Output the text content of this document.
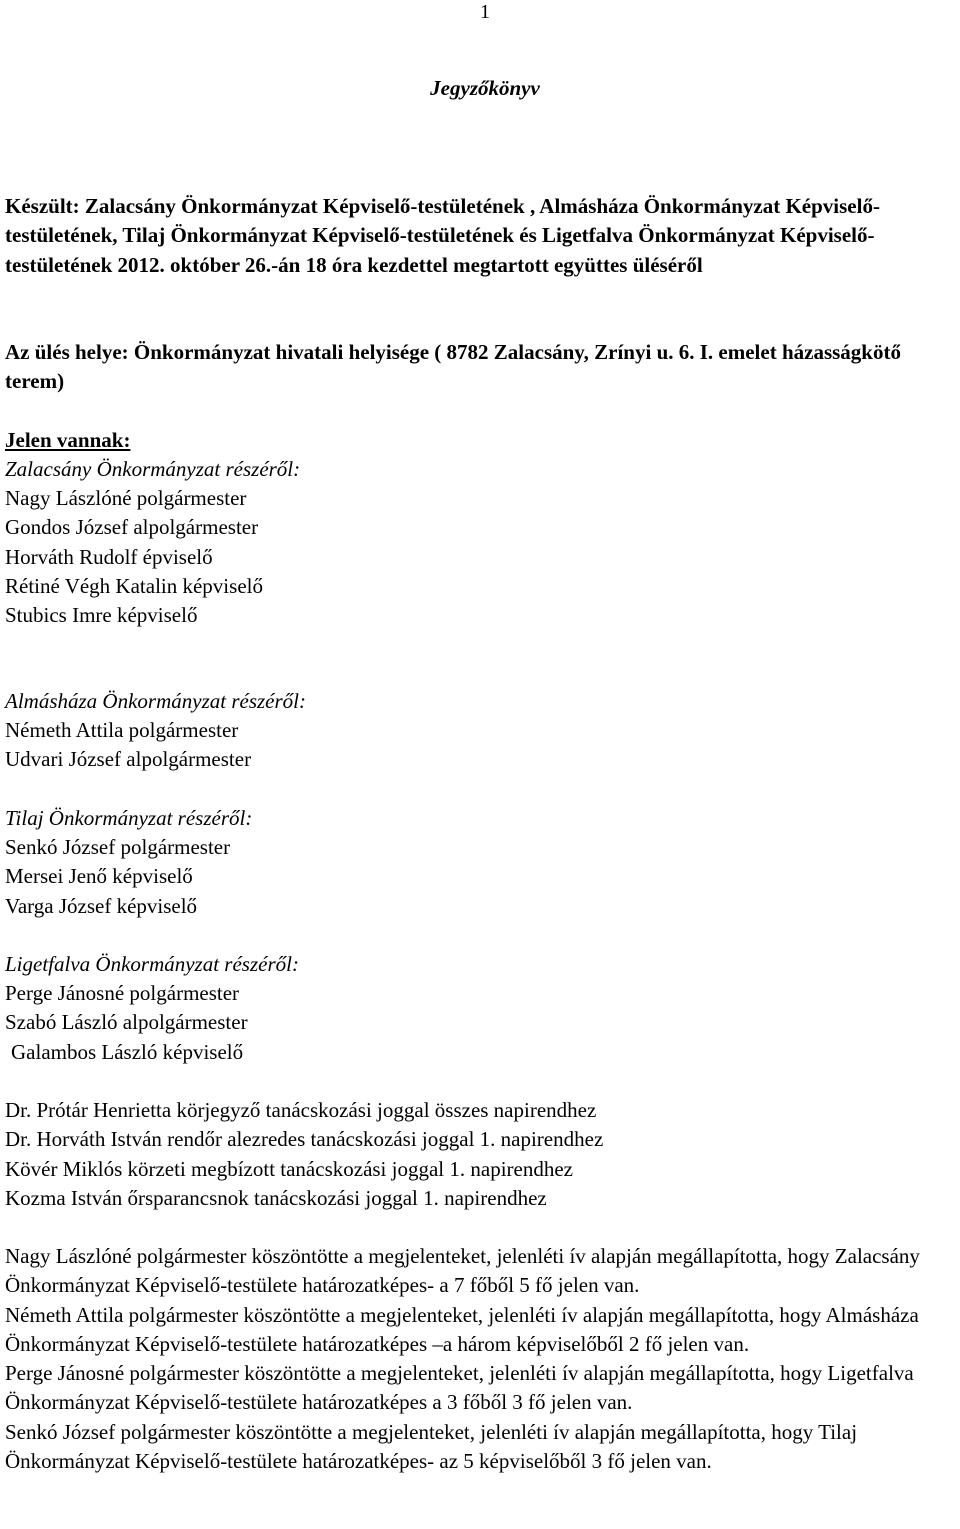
1
Jegyzőkönyv

Készült: Zalacsány Önkormányzat Képviselő-testületének , Almásháza Önkormányzat Képviselő-testületének, Tilaj Önkormányzat Képviselő-testületének és Ligetfalva Önkormányzat Képviselő-testületének 2012. október 26.-án 18 óra kezdettel megtartott együttes üléséről

Az ülés helye: Önkormányzat hivatali helyisége ( 8782 Zalacsány, Zrínyi u. 6. I. emelet házasságkötő terem)

Jelen vannak:
Zalacsány Önkormányzat részéről:
Nagy Lászlóné polgármester
Gondos József alpolgármester
Horváth Rudolf épviselő
Rétiné Végh Katalin képviselő
Stubics Imre képviselő
Almásháza Önkormányzat részéről:
Németh Attila polgármester
Udvari József alpolgármester
Tilaj Önkormányzat részéről:
Senkó József polgármester
Mersei Jenő képviselő
Varga József képviselő
Ligetfalva Önkormányzat részéről:
Perge Jánosné polgármester
Szabó László alpolgármester
Galambos László képviselő
Dr. Prótár Henrietta körjegyző tanácskozási joggal összes napirendhez
Dr. Horváth István rendőr alezredes tanácskozási joggal 1. napirendhez
Kövér Miklós körzeti megbízott tanácskozási joggal 1. napirendhez
Kozma István őrsparancsnok tanácskozási joggal 1. napirendhez

Nagy Lászlóné polgármester köszöntötte a megjelenteket, jelenléti ív alapján megállapította, hogy Zalacsány Önkormányzat Képviselő-testülete határozatképes- a 7 főből 5 fő jelen van.

Németh Attila polgármester köszöntötte a megjelenteket, jelenléti ív alapján megállapította, hogy Almásháza Önkormányzat Képviselő-testülete határozatképes –a három képviselőből 2 fő jelen van.

Perge Jánosné polgármester köszöntötte a megjelenteket, jelenléti ív alapján megállapította, hogy Ligetfalva Önkormányzat Képviselő-testülete határozatképes a 3 főből 3 fő jelen van.

Senkó József polgármester köszöntötte a megjelenteket, jelenléti ív alapján megállapította, hogy Tilaj Önkormányzat Képviselő-testülete határozatképes- az 5 képviselőből 3 fő jelen van.
